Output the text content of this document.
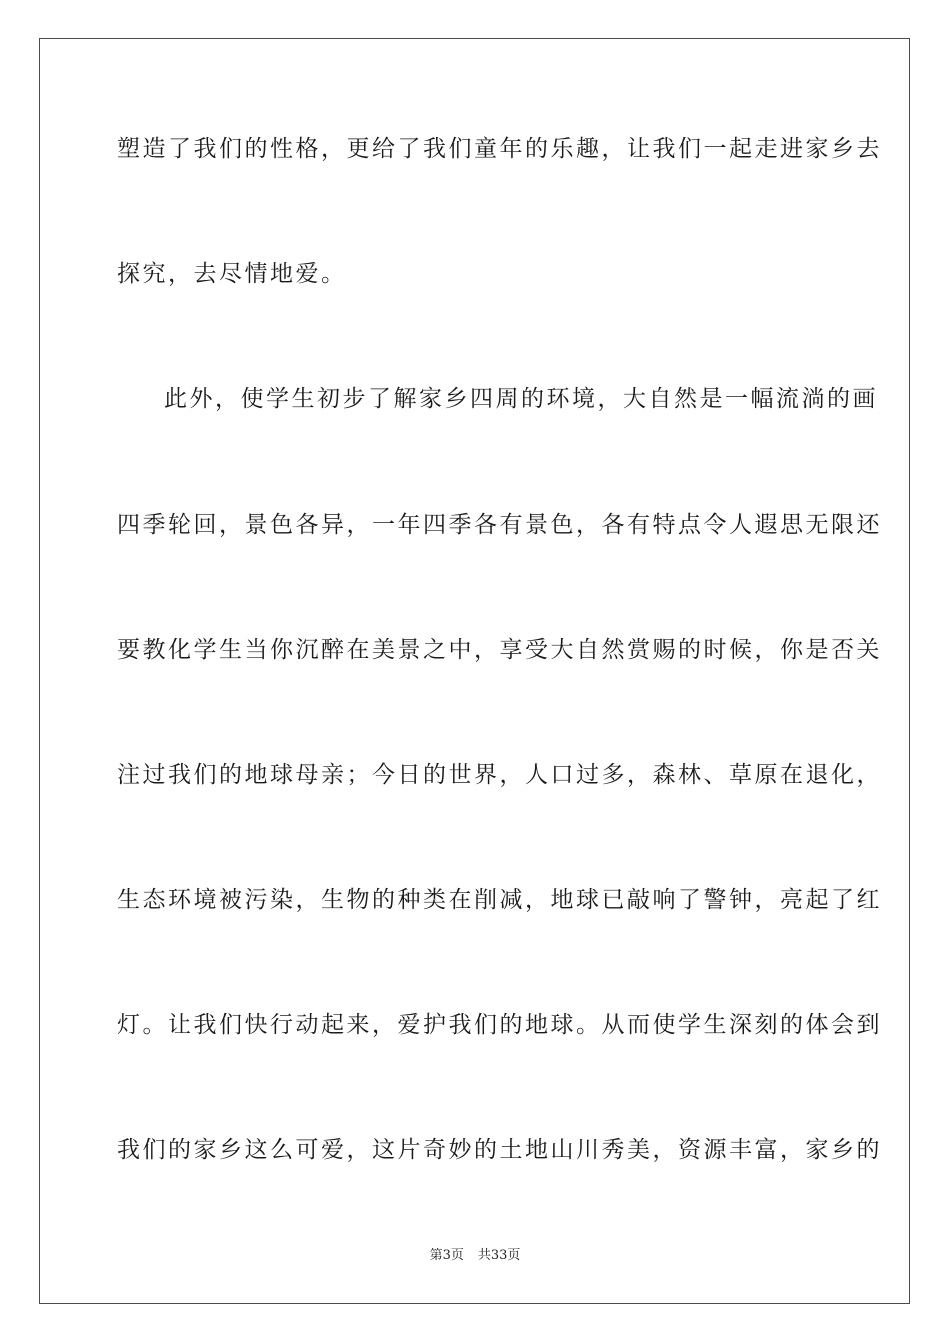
塑造了我们的性格，更给了我们童年的乐趣，让我们一起走进家乡去
探究，去尽情地爱。
此外，使学生初步了解家乡四周的环境，大自然是一幅流淌的画
四季轮回，景色各异，一年四季各有景色，各有特点令人遐思无限还
要教化学生当你沉醉在美景之中，享受大自然赏赐的时候，你是否关
注过我们的地球母亲；今日的世界，人口过多，森林、草原在退化，
生态环境被污染，生物的种类在削减，地球已敲响了警钟，亮起了红
灯。让我们快行动起来，爱护我们的地球。从而使学生深刻的体会到
我们的家乡这么可爱，这片奇妙的土地山川秀美，资源丰富，家乡的
第3页 共33页
